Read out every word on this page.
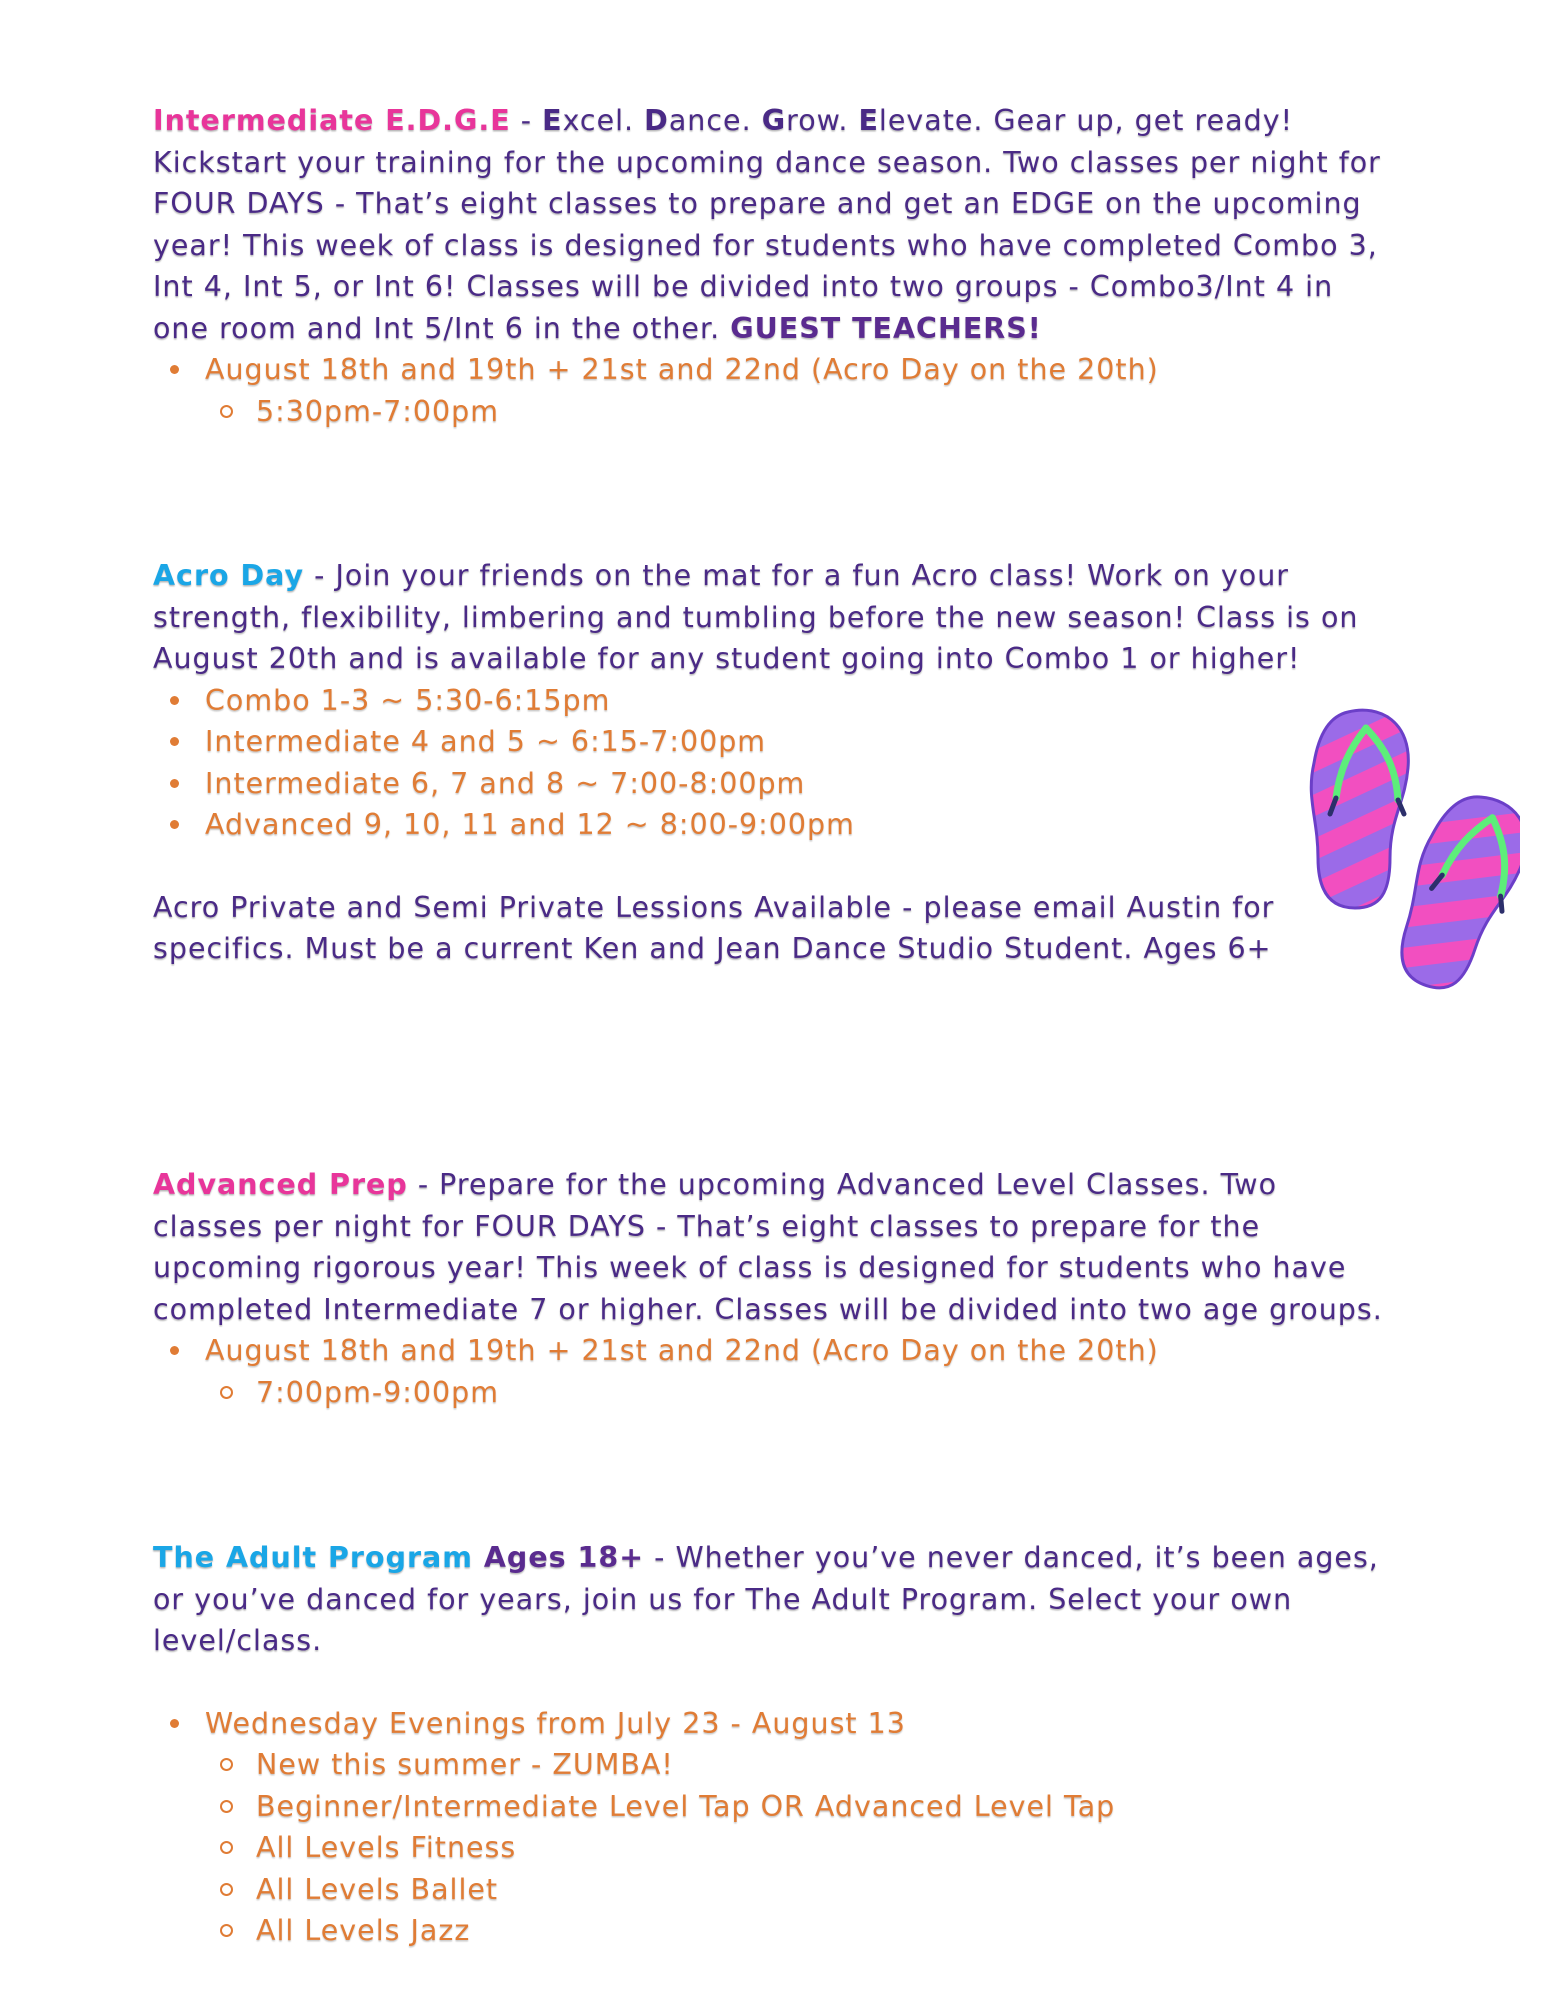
Intermediate E.D.G.E - Excel. Dance. Grow. Elevate. Gear up, get ready! Kickstart your training for the upcoming dance season. Two classes per night for FOUR DAYS - That’s eight classes to prepare and get an EDGE on the upcoming year! This week of class is designed for students who have completed Combo 3, Int 4, Int 5, or Int 6! Classes will be divided into two groups - Combo3/Int 4 in one room and Int 5/Int 6 in the other. GUEST TEACHERS!
August 18th and 19th + 21st and 22nd (Acro Day on the 20th)
5:30pm-7:00pm
Acro Day - Join your friends on the mat for a fun Acro class! Work on your strength, flexibility, limbering and tumbling before the new season! Class is on August 20th and is available for any student going into Combo 1 or higher!
Combo 1-3 ~ 5:30-6:15pm
Intermediate 4 and 5 ~ 6:15-7:00pm
Intermediate 6, 7 and 8 ~ 7:00-8:00pm
Advanced 9, 10, 11 and 12 ~ 8:00-9:00pm
Acro Private and Semi Private Lessions Available - please email Austin for specifics. Must be a current Ken and Jean Dance Studio Student. Ages 6+
Advanced Prep - Prepare for the upcoming Advanced Level Classes. Two classes per night for FOUR DAYS - That’s eight classes to prepare for the upcoming rigorous year! This week of class is designed for students who have completed Intermediate 7 or higher. Classes will be divided into two age groups.
August 18th and 19th + 21st and 22nd (Acro Day on the 20th)
7:00pm-9:00pm
The Adult Program Ages 18+ - Whether you’ve never danced, it’s been ages, or you’ve danced for years, join us for The Adult Program. Select your own level/class.
Wednesday Evenings from July 23 - August 13
New this summer - ZUMBA!
Beginner/Intermediate Level Tap OR Advanced Level Tap
All Levels Fitness
All Levels Ballet
All Levels Jazz
